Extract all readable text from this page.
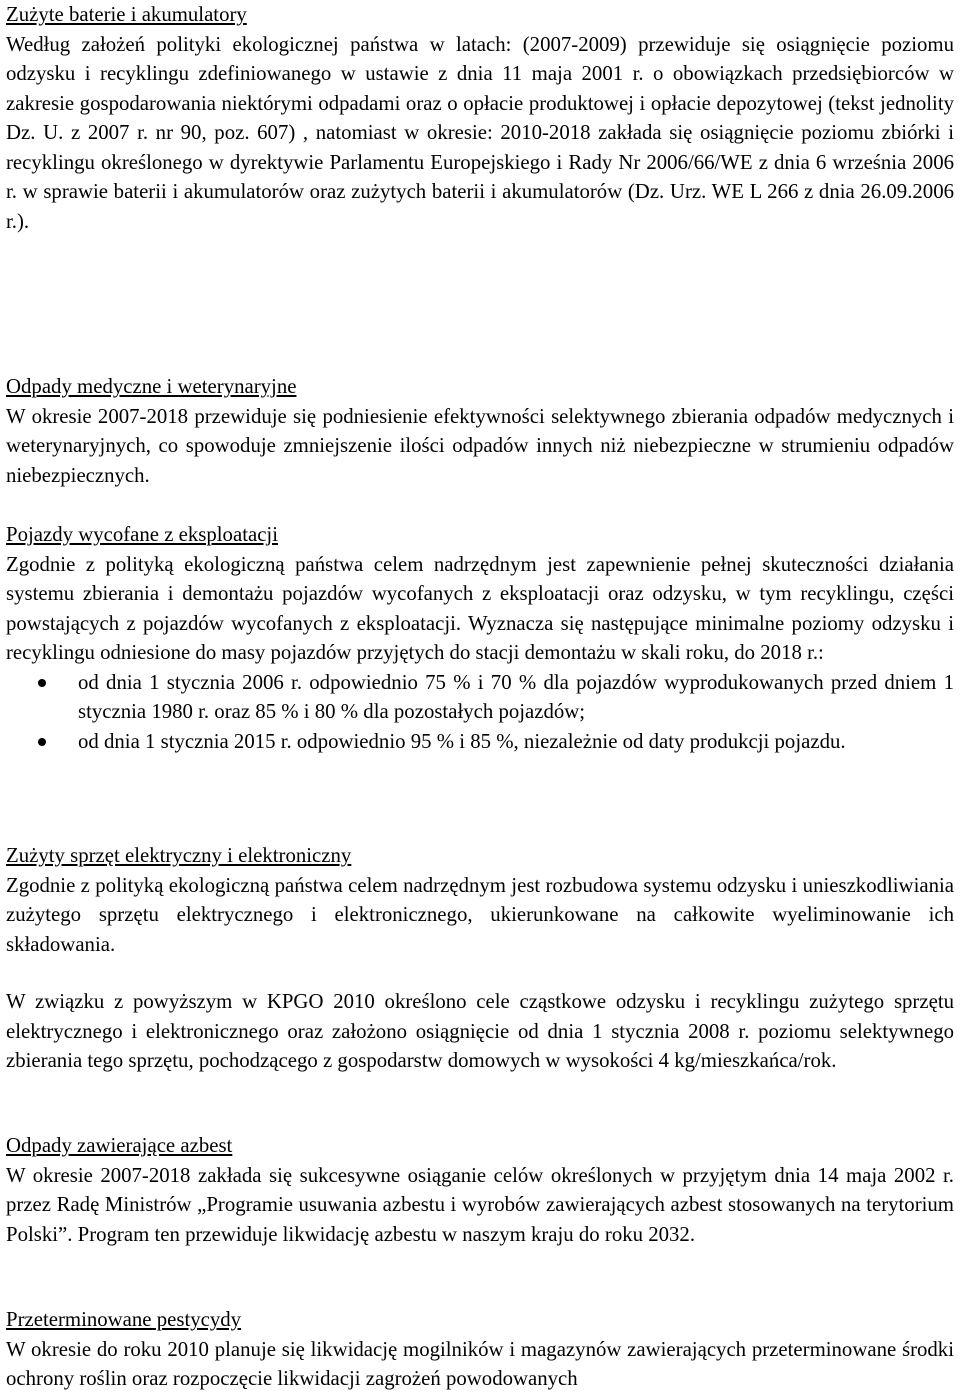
Zużyte baterie i akumulatory

Według założeń polityki ekologicznej państwa w latach: (2007-2009) przewiduje się osiągnięcie poziomu odzysku i recyklingu zdefiniowanego w ustawie z dnia 11 maja 2001 r. o obowiązkach przedsiębiorców w zakresie gospodarowania niektórymi odpadami oraz o opłacie produktowej i opłacie depozytowej (tekst jednolity Dz. U. z 2007 r. nr 90, poz. 607) , natomiast w okresie: 2010-2018 zakłada się osiągnięcie poziomu zbiórki i recyklingu określonego w dyrektywie Parlamentu Europejskiego i Rady Nr 2006/66/WE z dnia 6 września 2006 r. w sprawie baterii i akumulatorów oraz zużytych baterii i akumulatorów (Dz. Urz. WE L 266 z dnia 26.09.2006 r.).

Odpady medyczne i weterynaryjne

W okresie 2007-2018 przewiduje się podniesienie efektywności selektywnego zbierania odpadów medycznych i weterynaryjnych, co spowoduje zmniejszenie ilości odpadów innych niż niebezpieczne w strumieniu odpadów niebezpiecznych.

Pojazdy wycofane z eksploatacji

Zgodnie z polityką ekologiczną państwa celem nadrzędnym jest zapewnienie pełnej skuteczności działania systemu zbierania i demontażu pojazdów wycofanych z eksploatacji oraz odzysku, w tym recyklingu, części powstających z pojazdów wycofanych z eksploatacji. Wyznacza się następujące minimalne poziomy odzysku i recyklingu odniesione do masy pojazdów przyjętych do stacji demontażu w skali roku, do 2018 r.:

od dnia 1 stycznia 2006 r. odpowiednio 75 % i 70 % dla pojazdów wyprodukowanych przed dniem 1 stycznia 1980 r. oraz 85 % i 80 % dla pozostałych pojazdów;
od dnia 1 stycznia 2015 r. odpowiednio 95 % i 85 %, niezależnie od daty produkcji pojazdu.
Zużyty sprzęt elektryczny i elektroniczny

Zgodnie z polityką ekologiczną państwa celem nadrzędnym jest rozbudowa systemu odzysku i unieszkodliwiania zużytego sprzętu elektrycznego i elektronicznego, ukierunkowane na całkowite wyeliminowanie ich składowania.

W związku z powyższym w KPGO 2010 określono cele cząstkowe odzysku i recyklingu zużytego sprzętu elektrycznego i elektronicznego oraz założono osiągnięcie od dnia 1 stycznia 2008 r. poziomu selektywnego zbierania tego sprzętu, pochodzącego z gospodarstw domowych w wysokości 4 kg/mieszkańca/rok.

Odpady zawierające azbest

W okresie 2007-2018 zakłada się sukcesywne osiąganie celów określonych w przyjętym dnia 14 maja 2002 r. przez Radę Ministrów „Programie usuwania azbestu i wyrobów zawierających azbest stosowanych na terytorium Polski”. Program ten przewiduje likwidację azbestu w naszym kraju do roku 2032.

Przeterminowane pestycydy

W okresie do roku 2010 planuje się likwidację mogilników i magazynów zawierających przeterminowane środki ochrony roślin oraz rozpoczęcie likwidacji zagrożeń powodowanych
